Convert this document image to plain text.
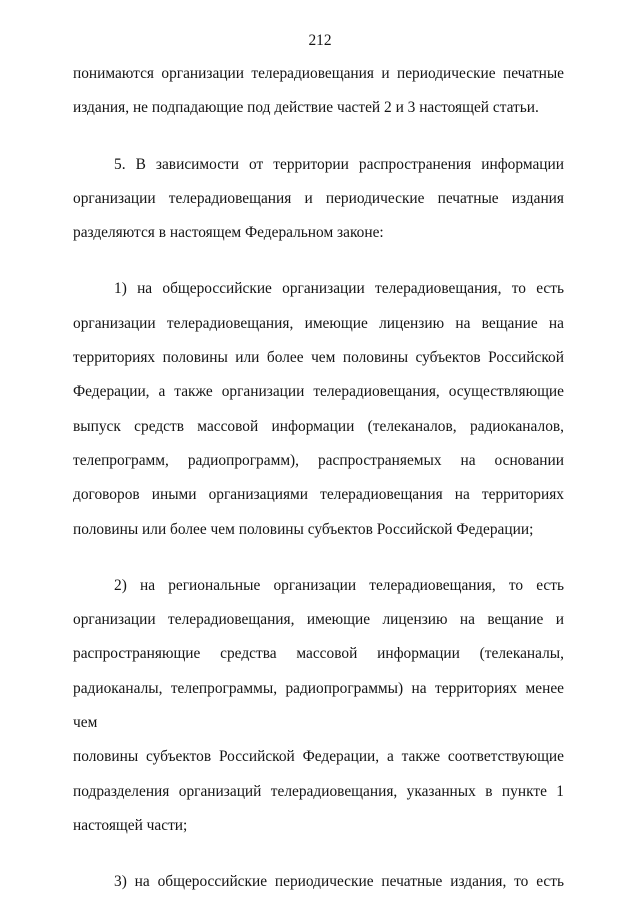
212

понимаются организации телерадиовещания и периодические печатные
издания, не подпадающие под действие частей 2 и 3 настоящей статьи.

5. В зависимости от территории распространения информации
организации телерадиовещания и периодические печатные издания
разделяются в настоящем Федеральном законе:

1) на общероссийские организации телерадиовещания, то есть
организации телерадиовещания, имеющие лицензию на вещание на
территориях половины или более чем половины субъектов Российской
Федерации, а также организации телерадиовещания, осуществляющие
выпуск средств массовой информации (телеканалов, радиоканалов,
телепрограмм, радиопрограмм), распространяемых на основании
договоров иными организациями телерадиовещания на территориях
половины или более чем половины субъектов Российской Федерации;

2) на региональные организации телерадиовещания, то есть
организации телерадиовещания, имеющие лицензию на вещание и
распространяющие средства массовой информации (телеканалы,
радиоканалы, телепрограммы, радиопрограммы) на территориях менее чем
половины субъектов Российской Федерации, а также соответствующие
подразделения организаций телерадиовещания, указанных в пункте 1
настоящей части;

3) на общероссийские периодические печатные издания, то есть
